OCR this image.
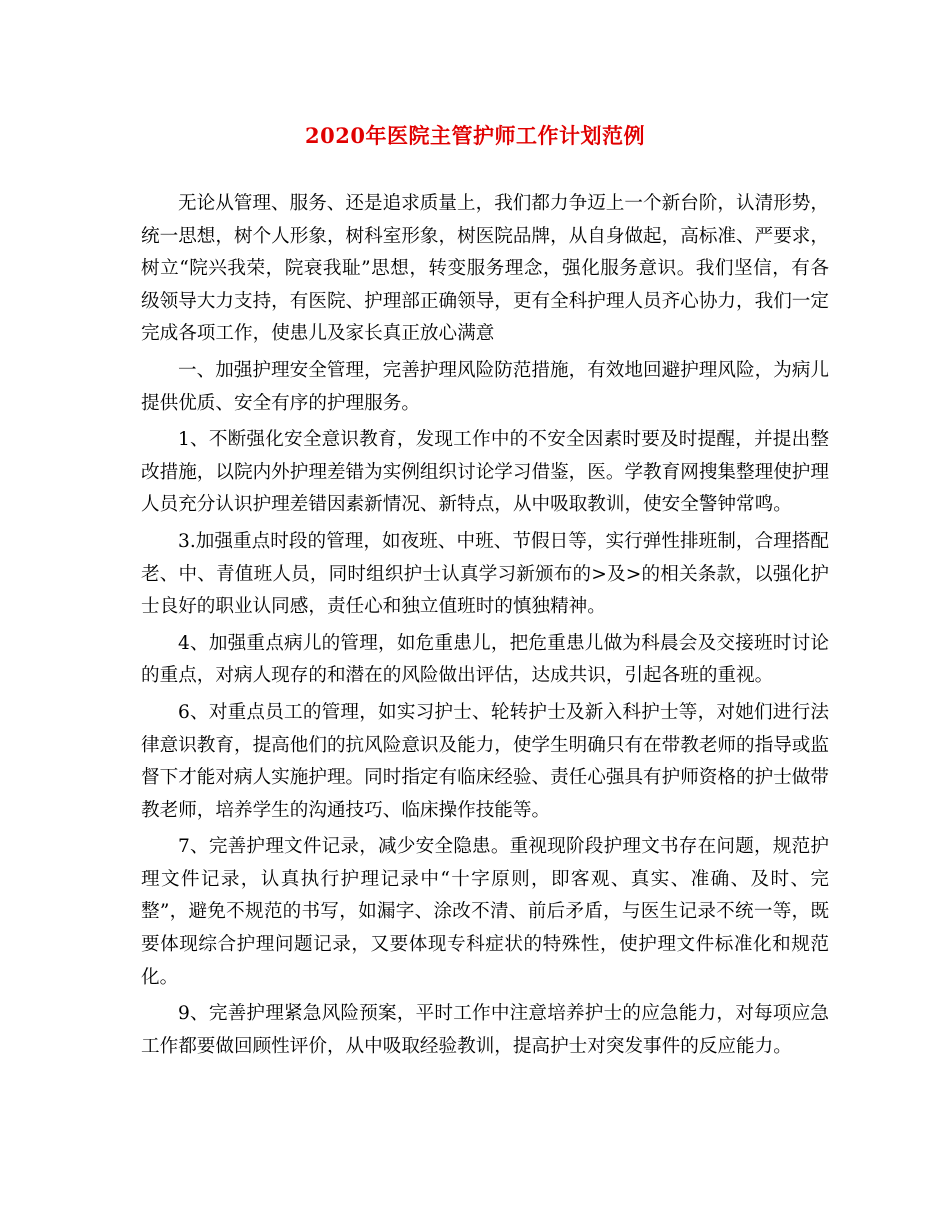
2020年医院主管护师工作计划范例

无论从管理、服务、还是追求质量上，我们都力争迈上一个新台阶，认清形势，统一思想，树个人形象，树科室形象，树医院品牌，从自身做起，高标准、严要求，树立“院兴我荣，院衰我耻”思想，转变服务理念，强化服务意识。我们坚信，有各级领导大力支持，有医院、护理部正确领导，更有全科护理人员齐心协力，我们一定完成各项工作，使患儿及家长真正放心满意

一、加强护理安全管理，完善护理风险防范措施，有效地回避护理风险，为病儿提供优质、安全有序的护理服务。

1、不断强化安全意识教育，发现工作中的不安全因素时要及时提醒，并提出整改措施，以院内外护理差错为实例组织讨论学习借鉴，医。学教育网搜集整理使护理人员充分认识护理差错因素新情况、新特点，从中吸取教训，使安全警钟常鸣。

3.加强重点时段的管理，如夜班、中班、节假日等，实行弹性排班制，合理搭配老、中、青值班人员，同时组织护士认真学习新颁布的>及>的相关条款，以强化护士良好的职业认同感，责任心和独立值班时的慎独精神。

4、加强重点病儿的管理，如危重患儿，把危重患儿做为科晨会及交接班时讨论的重点，对病人现存的和潜在的风险做出评估，达成共识，引起各班的重视。

6、对重点员工的管理，如实习护士、轮转护士及新入科护士等，对她们进行法律意识教育，提高他们的抗风险意识及能力，使学生明确只有在带教老师的指导或监督下才能对病人实施护理。同时指定有临床经验、责任心强具有护师资格的护士做带教老师，培养学生的沟通技巧、临床操作技能等。

7、完善护理文件记录，减少安全隐患。重视现阶段护理文书存在问题，规范护理文件记录，认真执行护理记录中“十字原则，即客观、真实、准确、及时、完整”，避免不规范的书写，如漏字、涂改不清、前后矛盾，与医生记录不统一等，既要体现综合护理问题记录，又要体现专科症状的特殊性，使护理文件标准化和规范化。

9、完善护理紧急风险预案，平时工作中注意培养护士的应急能力，对每项应急工作都要做回顾性评价，从中吸取经验教训，提高护士对突发事件的反应能力。
